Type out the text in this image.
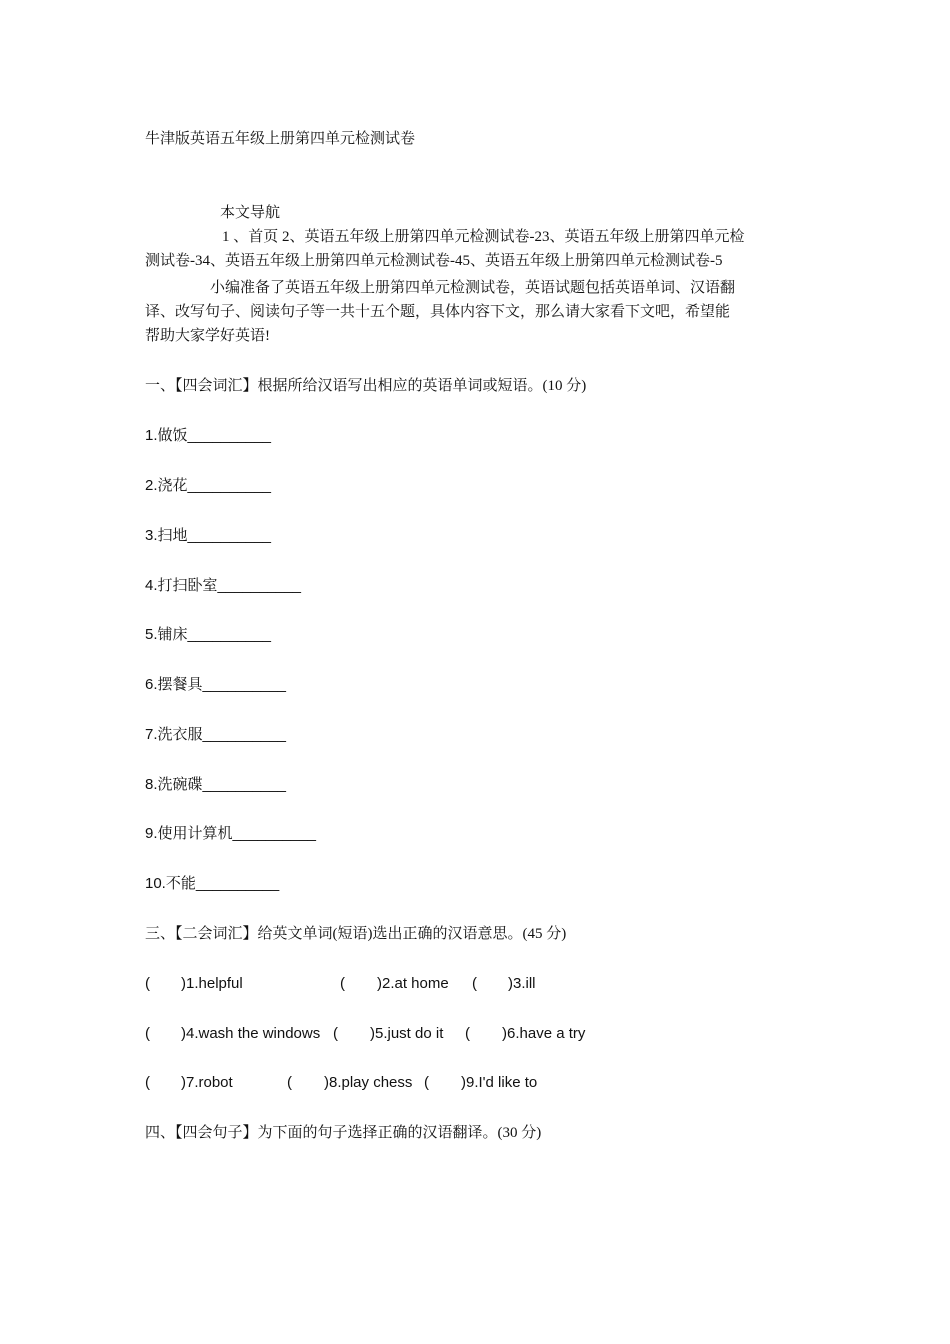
牛津版英语五年级上册第四单元检测试卷
本文导航
1 、首页 2、英语五年级上册第四单元检测试卷-23、英语五年级上册第四单元检
测试卷-34、英语五年级上册第四单元检测试卷-45、英语五年级上册第四单元检测试卷-5
小编准备了英语五年级上册第四单元检测试卷，英语试题包括英语单词、汉语翻
译、改写句子、阅读句子等一共十五个题，具体内容下文，那么请大家看下文吧，希望能
帮助大家学好英语!
一、【四会词汇】根据所给汉语写出相应的英语单词或短语。(10 分)
1.做饭__________
2.浇花__________
3.扫地__________
4.打扫卧室__________
5.铺床__________
6.摆餐具__________
7.洗衣服__________
8.洗碗碟__________
9.使用计算机__________
10.不能__________
三、【二会词汇】给英文单词(短语)选出正确的汉语意思。(45 分)
( )1.helpful	( )2.at home ( )3.ill
( )4.wash the windows ( )5.just do it ( )6.have a try
( )7.robot	( )8.play chess ( )9.I'd like to
四、【四会句子】为下面的句子选择正确的汉语翻译。(30 分)
